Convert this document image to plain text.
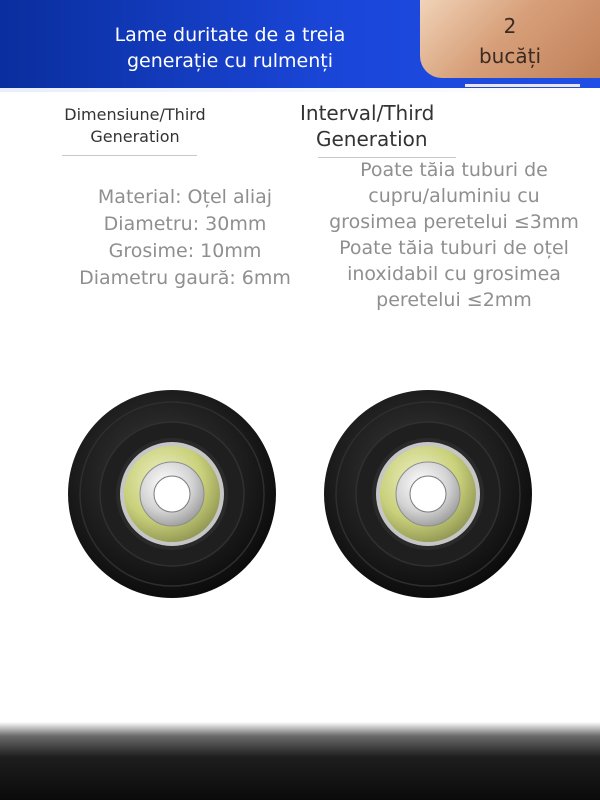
Lame duritate de a treia
generație cu rulmenți
2
bucăți
Dimensiune/Third
Generation
Interval/Third
Generation
Material: Oțel aliaj
Diametru: 30mm
Grosime: 10mm
Diametru gaură: 6mm
Poate tăia tuburi de
cupru/aluminiu cu
grosimea peretelui ≤3mm
Poate tăia tuburi de oțel
inoxidabil cu grosimea
peretelui ≤2mm
